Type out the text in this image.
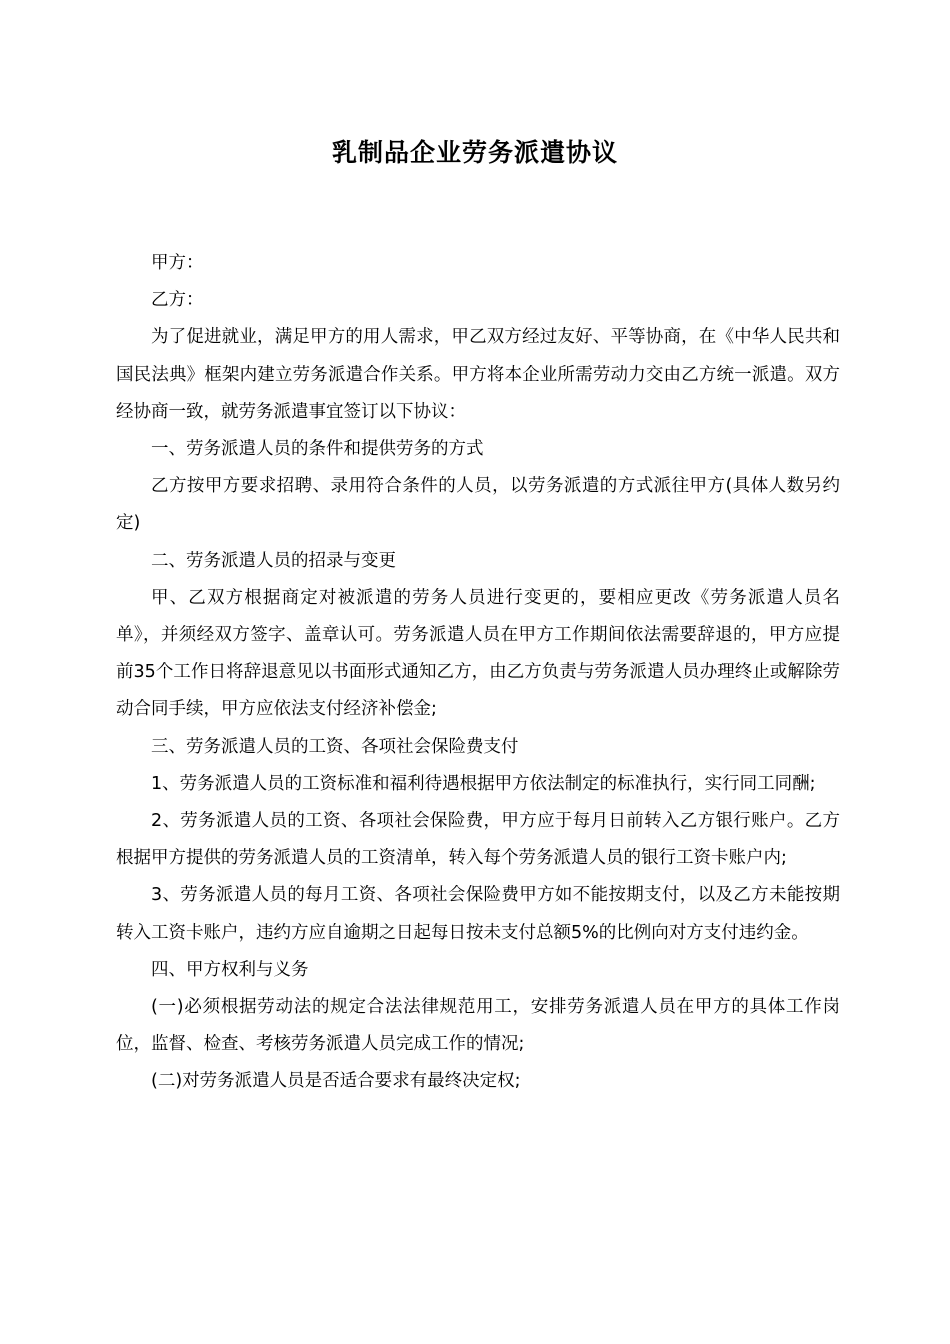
乳制品企业劳务派遣协议

甲方：

乙方：

为了促进就业，满足甲方的用人需求，甲乙双方经过友好、平等协商，在《中华人民共和国民法典》框架内建立劳务派遣合作关系。甲方将本企业所需劳动力交由乙方统一派遣。双方经协商一致，就劳务派遣事宜签订以下协议：

一、劳务派遣人员的条件和提供劳务的方式

乙方按甲方要求招聘、录用符合条件的人员，以劳务派遣的方式派往甲方(具体人数另约定)

二、劳务派遣人员的招录与变更

甲、乙双方根据商定对被派遣的劳务人员进行变更的，要相应更改《劳务派遣人员名单》，并须经双方签字、盖章认可。劳务派遣人员在甲方工作期间依法需要辞退的，甲方应提前35个工作日将辞退意见以书面形式通知乙方，由乙方负责与劳务派遣人员办理终止或解除劳动合同手续，甲方应依法支付经济补偿金;

三、劳务派遣人员的工资、各项社会保险费支付

1、劳务派遣人员的工资标准和福利待遇根据甲方依法制定的标准执行，实行同工同酬;

2、劳务派遣人员的工资、各项社会保险费，甲方应于每月日前转入乙方银行账户。乙方根据甲方提供的劳务派遣人员的工资清单，转入每个劳务派遣人员的银行工资卡账户内;

3、劳务派遣人员的每月工资、各项社会保险费甲方如不能按期支付，以及乙方未能按期转入工资卡账户，违约方应自逾期之日起每日按未支付总额5%的比例向对方支付违约金。

四、甲方权利与义务

(一)必须根据劳动法的规定合法法律规范用工，安排劳务派遣人员在甲方的具体工作岗位，监督、检查、考核劳务派遣人员完成工作的情况;

(二)对劳务派遣人员是否适合要求有最终决定权;
